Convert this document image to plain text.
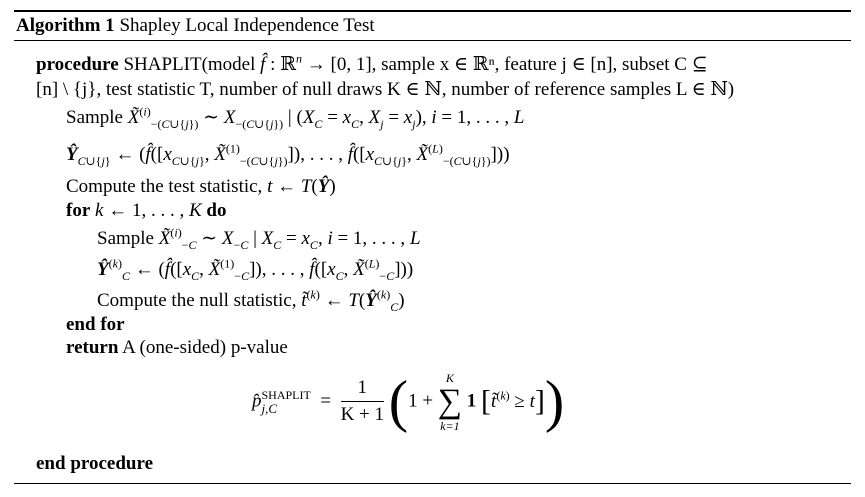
Algorithm 1 Shapley Local Independence Test
procedure SHAPLIT(model f̂ : ℝ$^n$ → [0, 1], sample x ∈ ℝⁿ, feature j ∈ [n], subset C ⊆
[n] \ {j}, test statistic T, number of null draws K ∈ ℕ, number of reference samples L ∈ ℕ)
Sample X̃$^{(i)}_{-(C\cup\{j\})}$ ∼ $X_{-(C\cup\{j\})}$ | ($X_C = x_C$, $X_j = x_j$), i = 1, . . . , L
$Ŷ_{C\cup\{j\}}$ ← ($f̂([x_{C\cup\{j\}}$, X̃$^{(1)}_{-(C\cup\{j\})}$]), . . . , $f̂([x_{C\cup\{j\}}$, X̃$^{(L)}_{-(C\cup\{j\})}$]))
Compute the test statistic, t ← T(Ŷ)
for k ← 1, . . . , K do
Sample X̃$^{(i)}_{-C}$ ∼ $X_{-C}$ | $X_C = x_C$, i = 1, . . . , L
$Ŷ^{(k)}_C$ ← ($f̂([x_C$, X̃$^{(1)}_{-C}$]), . . . , $f̂([x_C$, X̃$^{(L)}_{-C}$]))
Compute the null statistic, t̃$^{(k)}$ ← $T(Ŷ^{(k)}_C)$
end for
return A (one-sided) p-value
p̂ SHAPLIT
j,C	= $\frac{1}{K + 1} (1$ +
K
∑
k=1
1 [t̃$^{(k)}$ ≥ t])
end procedure
